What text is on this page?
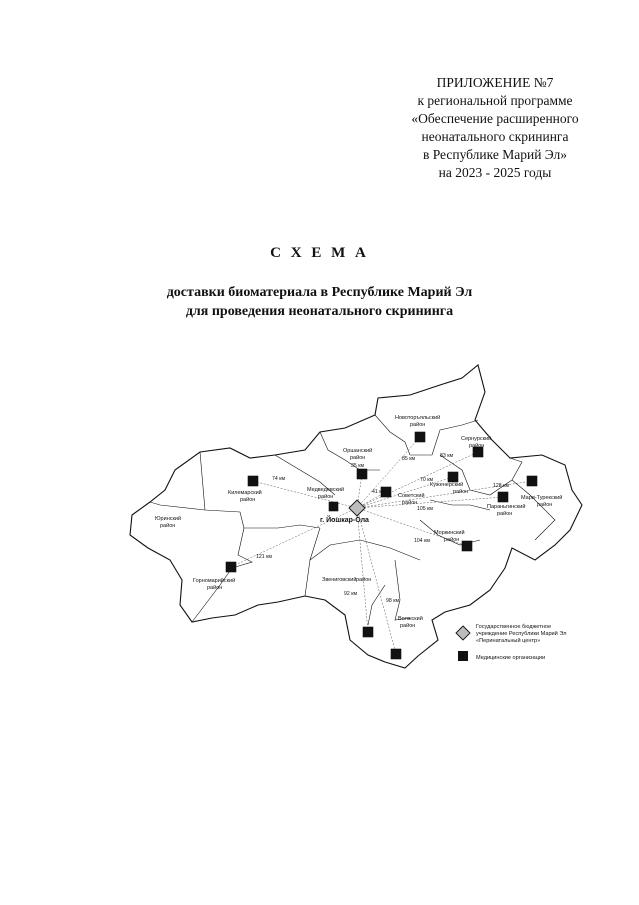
ПРИЛОЖЕНИЕ №7
к региональной программе
«Обеспечение расширенного
неонатального скрининга
в Республике Марий Эл»
на 2023 - 2025 годы
С Х Е М А
доставки биоматериала в Республике Марий Эл
для проведения неонатального скрининга
г. Йошкар-Ола
Новоторъяльский
район
Оршанский
район
Сернурский
район
Килемарский
район
Медведевский
район
Куженерский
район
Советский
район
Параньгинский
район
Мари-Турекский
район
Юринский
район
Моркинский
район
Горномарийский
район
Звениговский район
Волжский
район
74 км
35 км
85 км	83 км
70 км
41 км
128 км
105 км
104 км
121 км
92 км
98 км
Государственное бюджетное
учреждение Республики Марий Эл
«Перинатальный центр»
Медицинские организации
